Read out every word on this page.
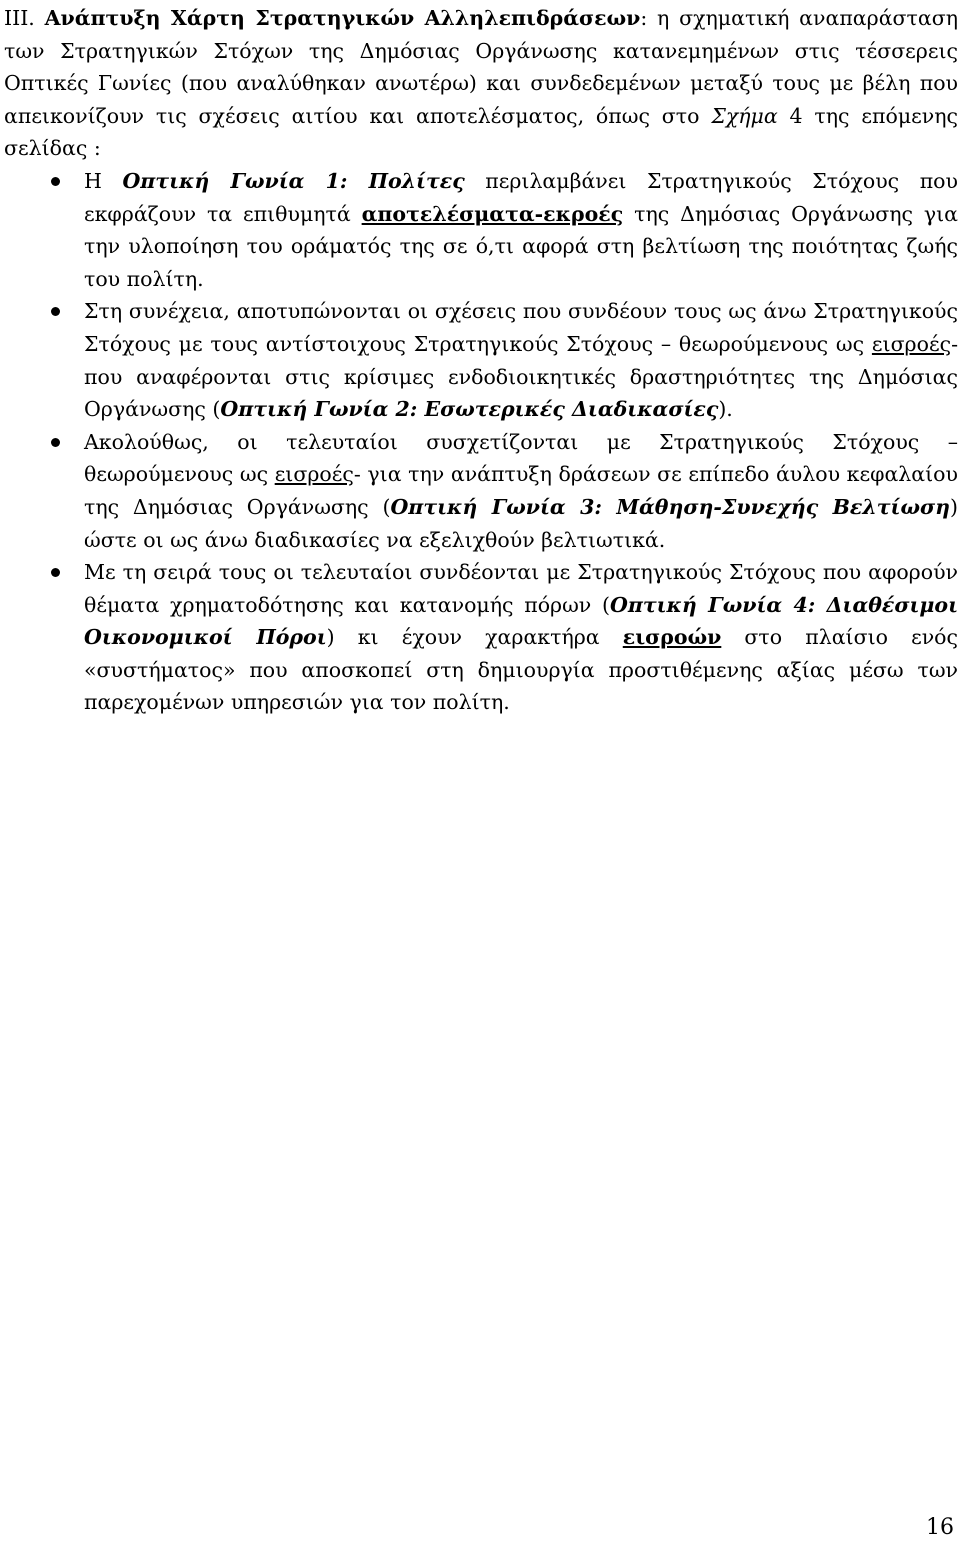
III. Ανάπτυξη Χάρτη Στρατηγικών Αλληλεπιδράσεων: η σχηματική αναπαράσταση των Στρατηγικών Στόχων της Δημόσιας Οργάνωσης κατανεμημένων στις τέσσερεις Οπτικές Γωνίες (που αναλύθηκαν ανωτέρω) και συνδεδεμένων μεταξύ τους με βέλη που απεικονίζουν τις σχέσεις αιτίου και αποτελέσματος, όπως στο Σχήμα 4 της επόμενης σελίδας :

Η Οπτική Γωνία 1: Πολίτες περιλαμβάνει Στρατηγικούς Στόχους που εκφράζουν τα επιθυμητά αποτελέσματα-εκροές της Δημόσιας Οργάνωσης για την υλοποίηση του οράματός της σε ό,τι αφορά στη βελτίωση της ποιότητας ζωής του πολίτη.
Στη συνέχεια, αποτυπώνονται οι σχέσεις που συνδέουν τους ως άνω Στρατηγικούς Στόχους με τους αντίστοιχους Στρατηγικούς Στόχους – θεωρούμενους ως εισροές- που αναφέρονται στις κρίσιμες ενδοδιοικητικές δραστηριότητες της Δημόσιας Οργάνωσης (Οπτική Γωνία 2: Εσωτερικές Διαδικασίες).
Ακολούθως, οι τελευταίοι συσχετίζονται με Στρατηγικούς Στόχους – θεωρούμενους ως εισροές- για την ανάπτυξη δράσεων σε επίπεδο άυλου κεφαλαίου της Δημόσιας Οργάνωσης (Οπτική Γωνία 3: Μάθηση-Συνεχής Βελτίωση) ώστε οι ως άνω διαδικασίες να εξελιχθούν βελτιωτικά.
Με τη σειρά τους οι τελευταίοι συνδέονται με Στρατηγικούς Στόχους που αφορούν θέματα χρηματοδότησης και κατανομής πόρων (Οπτική Γωνία 4: Διαθέσιμοι Οικονομικοί Πόροι) κι έχουν χαρακτήρα εισροών στο πλαίσιο ενός «συστήματος» που αποσκοπεί στη δημιουργία προστιθέμενης αξίας μέσω των παρεχομένων υπηρεσιών για τον πολίτη.
16
